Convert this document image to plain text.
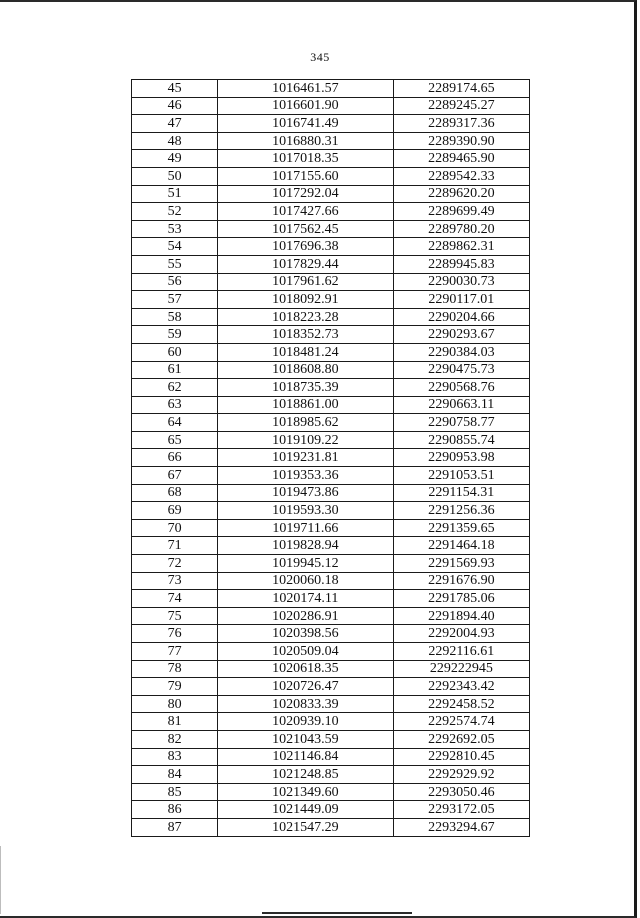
345
45	1016461.57	2289174.65
46	1016601.90	2289245.27
47	1016741.49	2289317.36
48	1016880.31	2289390.90
49	1017018.35	2289465.90
50	1017155.60	2289542.33
51	1017292.04	2289620.20
52	1017427.66	2289699.49
53	1017562.45	2289780.20
54	1017696.38	2289862.31
55	1017829.44	2289945.83
56	1017961.62	2290030.73
57	1018092.91	2290117.01
58	1018223.28	2290204.66
59	1018352.73	2290293.67
60	1018481.24	2290384.03
61	1018608.80	2290475.73
62	1018735.39	2290568.76
63	1018861.00	2290663.11
64	1018985.62	2290758.77
65	1019109.22	2290855.74
66	1019231.81	2290953.98
67	1019353.36	2291053.51
68	1019473.86	2291154.31
69	1019593.30	2291256.36
70	1019711.66	2291359.65
71	1019828.94	2291464.18
72	1019945.12	2291569.93
73	1020060.18	2291676.90
74	1020174.11	2291785.06
75	1020286.91	2291894.40
76	1020398.56	2292004.93
77	1020509.04	2292116.61
78	1020618.35	229222945
79	1020726.47	2292343.42
80	1020833.39	2292458.52
81	1020939.10	2292574.74
82	1021043.59	2292692.05
83	1021146.84	2292810.45
84	1021248.85	2292929.92
85	1021349.60	2293050.46
86	1021449.09	2293172.05
87	1021547.29	2293294.67
